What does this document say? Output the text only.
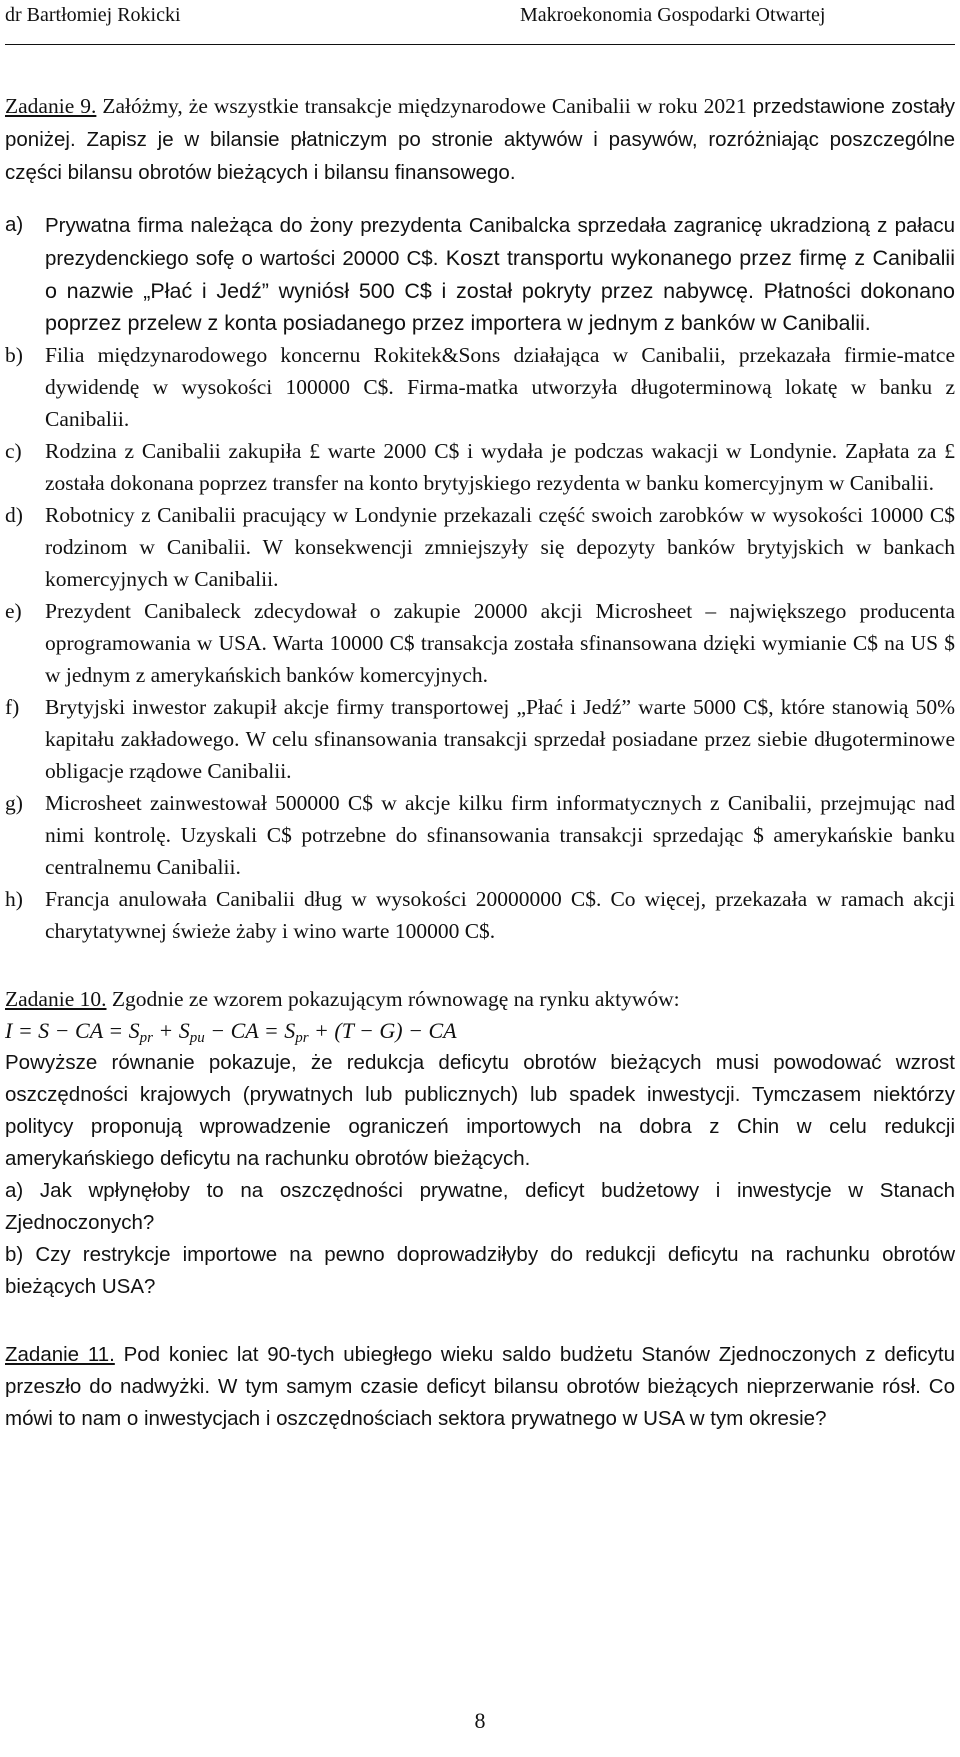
dr Bartłomiej Rokicki	Makroekonomia Gospodarki Otwartej

Zadanie 9. Załóżmy, że wszystkie transakcje międzynarodowe Canibalii w roku 2021 przedstawione zostały poniżej. Zapisz je w bilansie płatniczym po stronie aktywów i pasywów, rozróżniając poszczególne części bilansu obrotów bieżących i bilansu finansowego.

a) Prywatna firma należąca do żony prezydenta Canibalcka sprzedała zagranicę ukradzioną z pałacu prezydenckiego sofę o wartości 20000 C$. Koszt transportu wykonanego przez firmę z Canibalii o nazwie „Płać i Jedź” wyniósł 500 C$ i został pokryty przez nabywcę. Płatności dokonano poprzez przelew z konta posiadanego przez importera w jednym z banków w Canibalii.
b) Filia międzynarodowego koncernu Rokitek&Sons działająca w Canibalii, przekazała firmie-matce dywidendę w wysokości 100000 C$. Firma-matka utworzyła długoterminową lokatę w banku z Canibalii.
c) Rodzina z Canibalii zakupiła £ warte 2000 C$ i wydała je podczas wakacji w Londynie. Zapłata za £ została dokonana poprzez transfer na konto brytyjskiego rezydenta w banku komercyjnym w Canibalii.
d) Robotnicy z Canibalii pracujący w Londynie przekazali część swoich zarobków w wysokości 10000 C$ rodzinom w Canibalii. W konsekwencji zmniejszyły się depozyty banków brytyjskich w bankach komercyjnych w Canibalii.
e) Prezydent Canibaleck zdecydował o zakupie 20000 akcji Microsheet – największego producenta oprogramowania w USA. Warta 10000 C$ transakcja została sfinansowana dzięki wymianie C$ na US $ w jednym z amerykańskich banków komercyjnych.
f) Brytyjski inwestor zakupił akcje firmy transportowej „Płać i Jedź” warte 5000 C$, które stanowią 50% kapitału zakładowego. W celu sfinansowania transakcji sprzedał posiadane przez siebie długoterminowe obligacje rządowe Canibalii.
g) Microsheet zainwestował 500000 C$ w akcje kilku firm informatycznych z Canibalii, przejmując nad nimi kontrolę. Uzyskali C$ potrzebne do sfinansowania transakcji sprzedając $ amerykańskie banku centralnemu Canibalii.
h) Francja anulowała Canibalii dług w wysokości 20000000 C$. Co więcej, przekazała w ramach akcji charytatywnej świeże żaby i wino warte 100000 C$.

Zadanie 10. Zgodnie ze wzorem pokazującym równowagę na rynku aktywów:

I = S − CA = $S_{pr} + S_{pu}$ − CA = $S_{pr} + (T - G)$ − CA

Powyższe równanie pokazuje, że redukcja deficytu obrotów bieżących musi powodować wzrost oszczędności krajowych (prywatnych lub publicznych) lub spadek inwestycji. Tymczasem niektórzy politycy proponują wprowadzenie ograniczeń importowych na dobra z Chin w celu redukcji amerykańskiego deficytu na rachunku obrotów bieżących.

a) Jak wpłynęłoby to na oszczędności prywatne, deficyt budżetowy i inwestycje w Stanach Zjednoczonych?

b) Czy restrykcje importowe na pewno doprowadziłyby do redukcji deficytu na rachunku obrotów bieżących USA?

Zadanie 11. Pod koniec lat 90-tych ubiegłego wieku saldo budżetu Stanów Zjednoczonych z deficytu przeszło do nadwyżki. W tym samym czasie deficyt bilansu obrotów bieżących nieprzerwanie rósł. Co mówi to nam o inwestycjach i oszczędnościach sektora prywatnego w USA w tym okresie?

8
